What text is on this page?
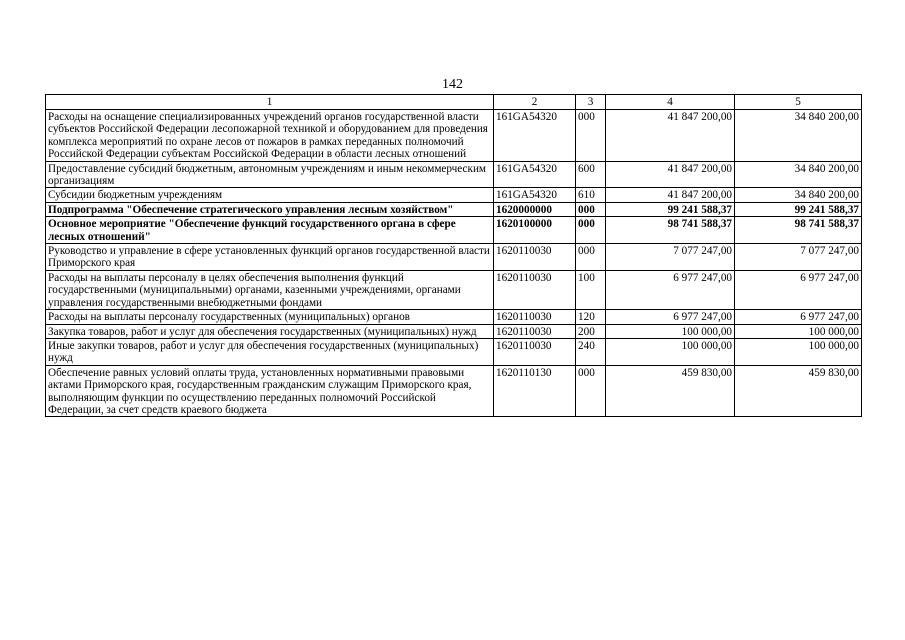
142
1	2	3	4	5
Расходы на оснащение специализированных учреждений органов государственной власти субъектов Российской Федерации лесопожарной техникой и оборудованием для проведения комплекса мероприятий по охране лесов от пожаров в рамках переданных полномочий Российской Федерации субъектам Российской Федерации в области лесных отношений	161GA54320	000	41 847 200,00	34 840 200,00
Предоставление субсидий бюджетным, автономным учреждениям и иным некоммерческим организациям	161GA54320	600	41 847 200,00	34 840 200,00
Субсидии бюджетным учреждениям	161GA54320	610	41 847 200,00	34 840 200,00
Подпрограмма "Обеспечение стратегического управления лесным хозяйством"	1620000000	000	99 241 588,37	99 241 588,37
Основное мероприятие "Обеспечение функций государственного органа в сфере лесных отношений"	1620100000	000	98 741 588,37	98 741 588,37
Руководство и управление в сфере установленных функций органов государственной власти Приморского края	1620110030	000	7 077 247,00	7 077 247,00
Расходы на выплаты персоналу в целях обеспечения выполнения функций государственными (муниципальными) органами, казенными учреждениями, органами управления государственными внебюджетными фондами	1620110030	100	6 977 247,00	6 977 247,00
Расходы на выплаты персоналу государственных (муниципальных) органов	1620110030	120	6 977 247,00	6 977 247,00
Закупка товаров, работ и услуг для обеспечения государственных (муниципальных) нужд	1620110030	200	100 000,00	100 000,00
Иные закупки товаров, работ и услуг для обеспечения государственных (муниципальных) нужд	1620110030	240	100 000,00	100 000,00
Обеспечение равных условий оплаты труда, установленных нормативными правовыми актами Приморского края, государственным гражданским служащим Приморского края, выполняющим функции по осуществлению переданных полномочий Российской Федерации, за счет средств краевого бюджета	1620110130	000	459 830,00	459 830,00
